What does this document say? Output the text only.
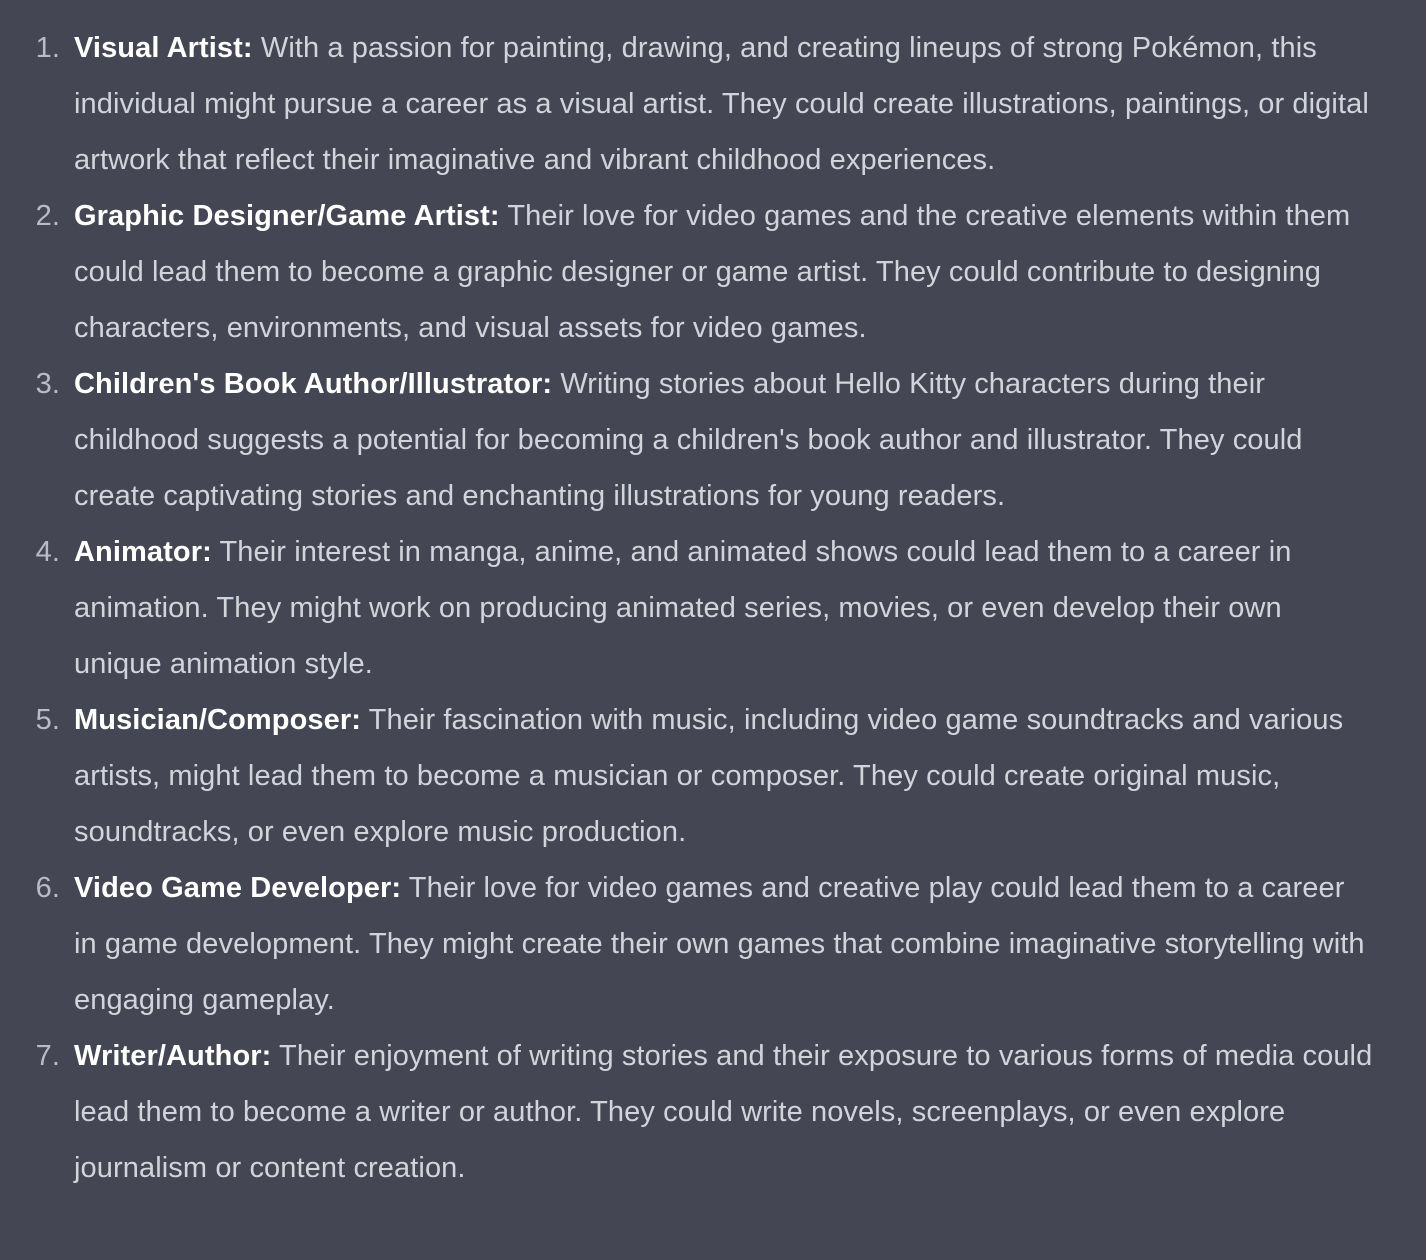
1. Visual Artist: With a passion for painting, drawing, and creating lineups of strong Pokémon, this individual might pursue a career as a visual artist. They could create illustrations, paintings, or digital artwork that reflect their imaginative and vibrant childhood experiences.
2. Graphic Designer/Game Artist: Their love for video games and the creative elements within them could lead them to become a graphic designer or game artist. They could contribute to designing characters, environments, and visual assets for video games.
3. Children's Book Author/Illustrator: Writing stories about Hello Kitty characters during their childhood suggests a potential for becoming a children's book author and illustrator. They could create captivating stories and enchanting illustrations for young readers.
4. Animator: Their interest in manga, anime, and animated shows could lead them to a career in animation. They might work on producing animated series, movies, or even develop their own unique animation style.
5. Musician/Composer: Their fascination with music, including video game soundtracks and various artists, might lead them to become a musician or composer. They could create original music, soundtracks, or even explore music production.
6. Video Game Developer: Their love for video games and creative play could lead them to a career in game development. They might create their own games that combine imaginative storytelling with engaging gameplay.
7. Writer/Author: Their enjoyment of writing stories and their exposure to various forms of media could lead them to become a writer or author. They could write novels, screenplays, or even explore journalism or content creation.
